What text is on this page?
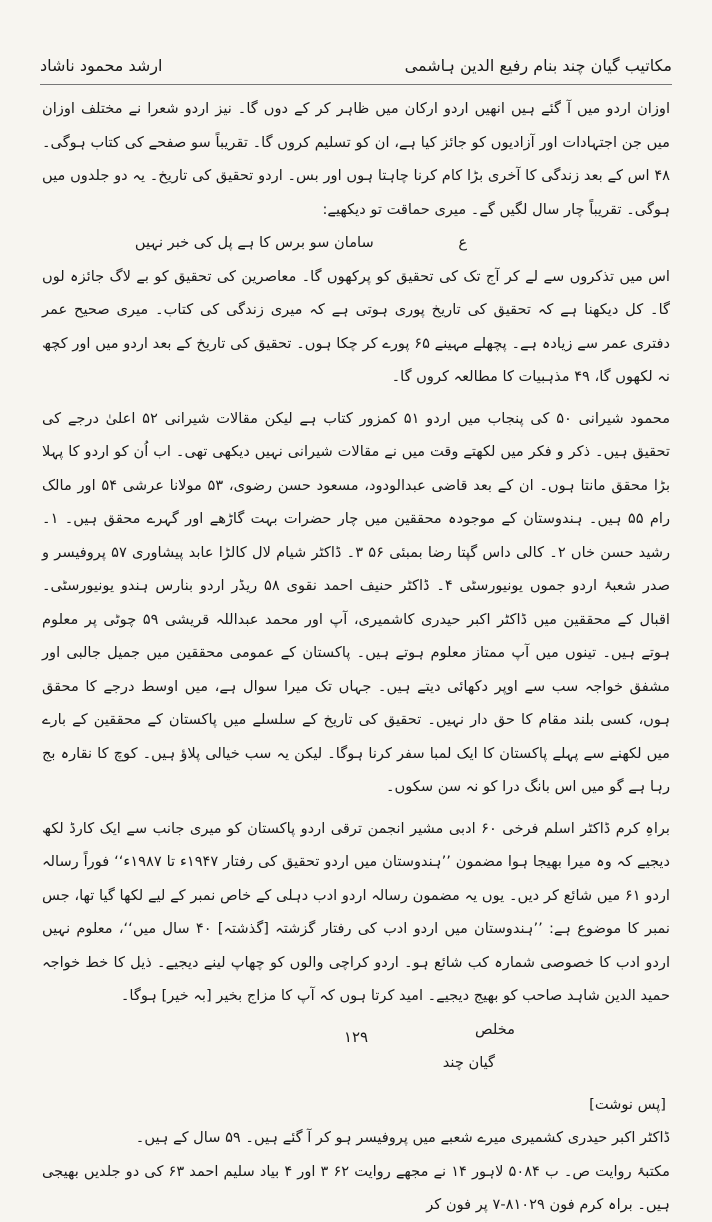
مکاتیب گیان چند بنام رفیع الدین ہاشمی
ارشد محمود ناشاد

اوزان اردو میں آ گئے ہیں انھیں اردو ارکان میں ظاہر کر کے دوں گا۔ نیز اردو شعرا نے مختلف اوزان میں جن اجتہادات اور آزادیوں کو جائز کیا ہے، ان کو تسلیم کروں گا۔ تقریباً سو صفحے کی کتاب ہوگی۔ ۴۸ اس کے بعد زندگی کا آخری بڑا کام کرنا چاہتا ہوں اور بس۔ اردو تحقیق کی تاریخ۔ یہ دو جلدوں میں ہوگی۔ تقریباً چار سال لگیں گے۔ میری حماقت تو دیکھیے:

ع سامان سو برس کا ہے پل کی خبر نہیں

اس میں تذکروں سے لے کر آج تک کی تحقیق کو پرکھوں گا۔ معاصرین کی تحقیق کو بے لاگ جائزہ لوں گا۔ کل دیکھنا ہے کہ تحقیق کی تاریخ پوری ہوتی ہے کہ میری زندگی کی کتاب۔ میری صحیح عمر دفتری عمر سے زیادہ ہے۔ پچھلے مہینے ۶۵ پورے کر چکا ہوں۔ تحقیق کی تاریخ کے بعد اردو میں اور کچھ نہ لکھوں گا، ۴۹ مذہبیات کا مطالعہ کروں گا۔

محمود شیرانی ۵۰ کی پنجاب میں اردو ۵۱ کمزور کتاب ہے لیکن مقالات شیرانی ۵۲ اعلیٰ درجے کی تحقیق ہیں۔ ذکر و فکر میں لکھتے وقت میں نے مقالات شیرانی نہیں دیکھی تھی۔ اب اُن کو اردو کا پہلا بڑا محقق مانتا ہوں۔ ان کے بعد قاضی عبدالودود، مسعود حسن رضوی، ۵۳ مولانا عرشی ۵۴ اور مالک رام ۵۵ ہیں۔ ہندوستان کے موجودہ محققین میں چار حضرات بہت گاڑھے اور گہرے محقق ہیں۔ ۱۔ رشید حسن خاں ۲۔ کالی داس گپتا رضا بمبئی ۵۶ ۳۔ ڈاکٹر شیام لال کالڑا عابد پیشاوری ۵۷ پروفیسر و صدر شعبۂ اردو جموں یونیورسٹی ۴۔ ڈاکٹر حنیف احمد نقوی ۵۸ ریڈر اردو بنارس ہندو یونیورسٹی۔ اقبال کے محققین میں ڈاکٹر اکبر حیدری کاشمیری، آپ اور محمد عبداللہ قریشی ۵۹ چوٹی پر معلوم ہوتے ہیں۔ تینوں میں آپ ممتاز معلوم ہوتے ہیں۔ پاکستان کے عمومی محققین میں جمیل جالبی اور مشفق خواجہ سب سے اوپر دکھائی دیتے ہیں۔ جہاں تک میرا سوال ہے، میں اوسط درجے کا محقق ہوں، کسی بلند مقام کا حق دار نہیں۔ تحقیق کی تاریخ کے سلسلے میں پاکستان کے محققین کے بارے میں لکھنے سے پہلے پاکستان کا ایک لمبا سفر کرنا ہوگا۔ لیکن یہ سب خیالی پلاؤ ہیں۔ کوچ کا نقارہ بج رہا ہے گو میں اس بانگ درا کو نہ سن سکوں۔

براہِ کرم ڈاکٹر اسلم فرخی ۶۰ ادبی مشیر انجمن ترقی اردو پاکستان کو میری جانب سے ایک کارڈ لکھ دیجیے کہ وہ میرا بھیجا ہوا مضمون ’’ہندوستان میں اردو تحقیق کی رفتار ۱۹۴۷ء تا ۱۹۸۷ء‘‘ فوراً رسالہ اردو ۶۱ میں شائع کر دیں۔ یوں یہ مضمون رسالہ اردو ادب دہلی کے خاص نمبر کے لیے لکھا گیا تھا، جس نمبر کا موضوع ہے: ’’ہندوستان میں اردو ادب کی رفتار گزشتہ [گذشتہ] ۴۰ سال میں‘‘، معلوم نہیں اردو ادب کا خصوصی شمارہ کب شائع ہو۔ اردو کراچی والوں کو چھاپ لینے دیجیے۔ ذیل کا خط خواجہ حمید الدین شاہد صاحب کو بھیج دیجیے۔ امید کرتا ہوں کہ آپ کا مزاج بخیر [بہ خیر] ہوگا۔

مخلص

گیان چند

[پس نوشت]

ڈاکٹر اکبر حیدری کشمیری میرے شعبے میں پروفیسر ہو کر آ گئے ہیں۔ ۵۹ سال کے ہیں۔

مکتبۂ روایت ص۔ ب ۵۰۸۴ لاہور ۱۴ نے مجھے روایت ۶۲ ۳ اور ۴ بیاد سلیم احمد ۶۳ کی دو جلدیں بھیجی ہیں۔ براہ کرم فون ۸۱۰۲۹-۷ پر فون کر

۱۲۹
